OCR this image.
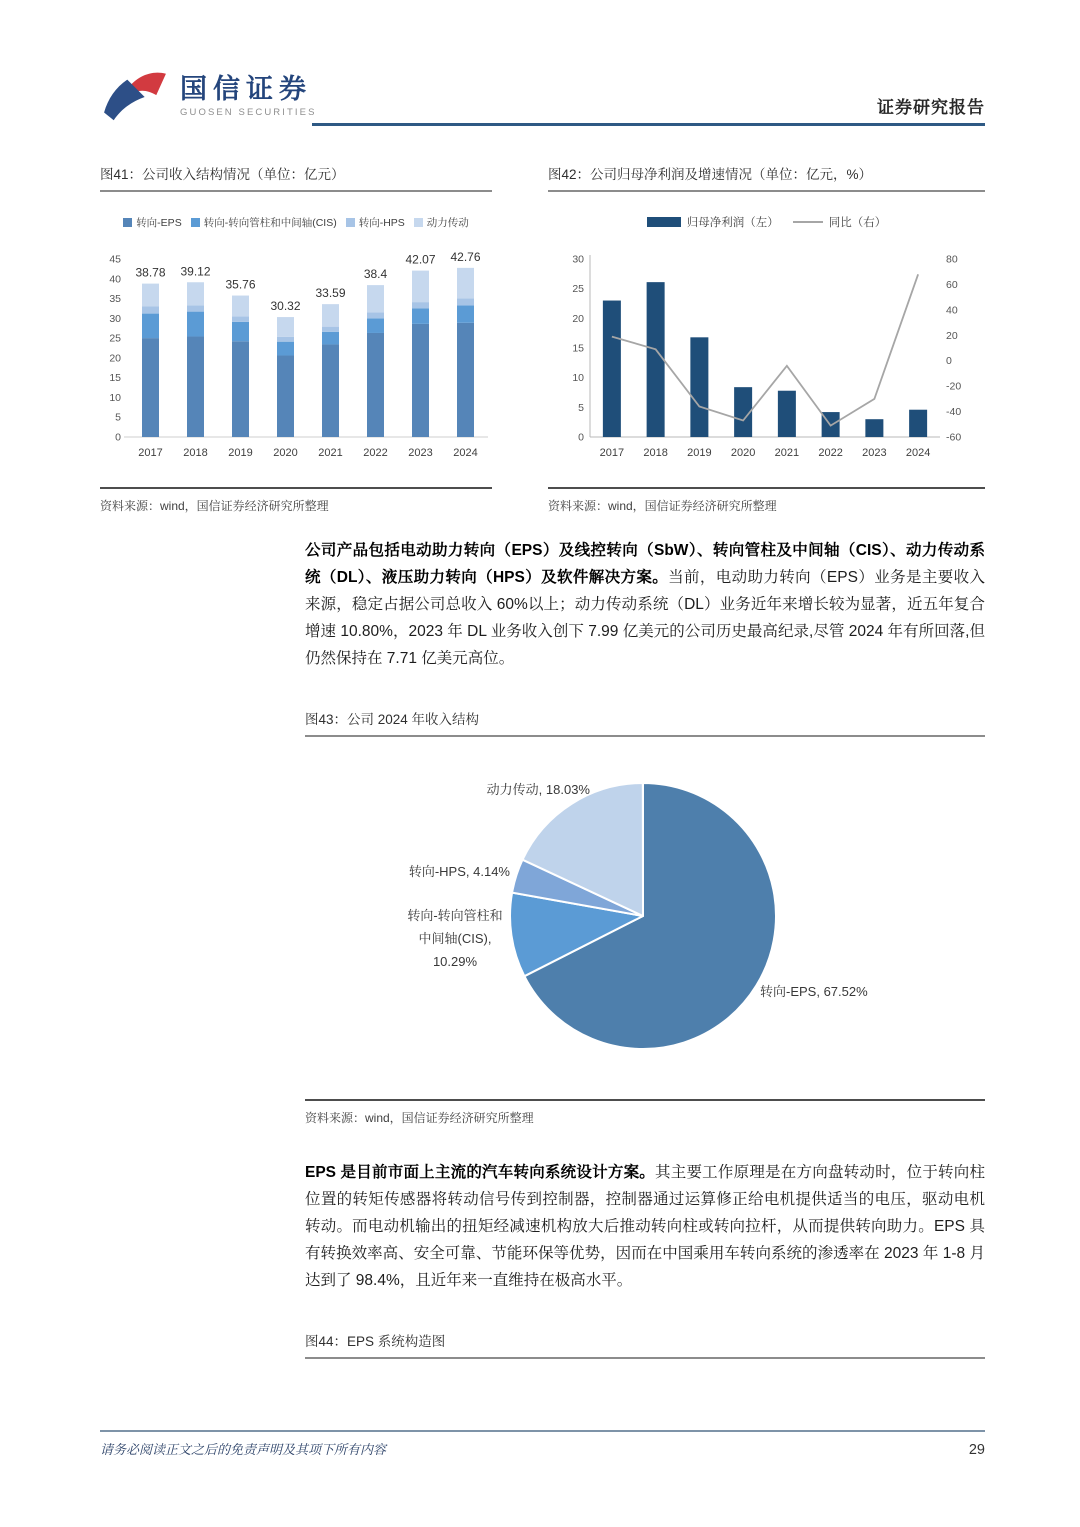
国信证券
GUOSEN SECURITIES	证券研究报告
图41：公司收入结构情况（单位：亿元）
转向-EPS	转向-转向管柱和中间轴(CIS)	转向-HPS	动力传动
0
5
10
15
20
25
30
35
40
45
38.78
2017
39.12
2018
35.76
2019
30.32
2020
33.59
2021
38.4
2022
42.07
2023
42.76
2024
资料来源：wind，国信证券经济研究所整理
图42：公司归母净利润及增速情况（单位：亿元，%）
归母净利润（左）	同比（右）
0
5
10
15
20
25
30
-60
-40
-20
0
20
40
60
80
2017 2018 2019 2020 2021 2022 2023 2024
资料来源：wind，国信证券经济研究所整理

公司产品包括电动助力转向（EPS）及线控转向（SbW）、转向管柱及中间轴（CIS）、动力传动系统（DL）、液压助力转向（HPS）及软件解决方案。当前，电动助力转向（EPS）业务是主要收入来源，稳定占据公司总收入 60%以上；动力传动系统（DL）业务近年来增长较为显著，近五年复合增速 10.80%，2023 年 DL 业务收入创下 7.99 亿美元的公司历史最高纪录,尽管 2024 年有所回落,但仍然保持在 7.71 亿美元高位。

图43：公司 2024 年收入结构
转向-EPS, 67.52%
转向-转向管柱和
中间轴(CIS),
10.29%
转向-HPS, 4.14%
动力传动, 18.03%
资料来源：wind，国信证券经济研究所整理

EPS 是目前市面上主流的汽车转向系统设计方案。其主要工作原理是在方向盘转动时，位于转向柱位置的转矩传感器将转动信号传到控制器，控制器通过运算修正给电机提供适当的电压，驱动电机转动。而电动机输出的扭矩经减速机构放大后推动转向柱或转向拉杆，从而提供转向助力。EPS 具有转换效率高、安全可靠、节能环保等优势，因而在中国乘用车转向系统的渗透率在 2023 年 1-8 月达到了 98.4%，且近年来一直维持在极高水平。

图44：EPS 系统构造图
请务必阅读正文之后的免责声明及其项下所有内容	29
